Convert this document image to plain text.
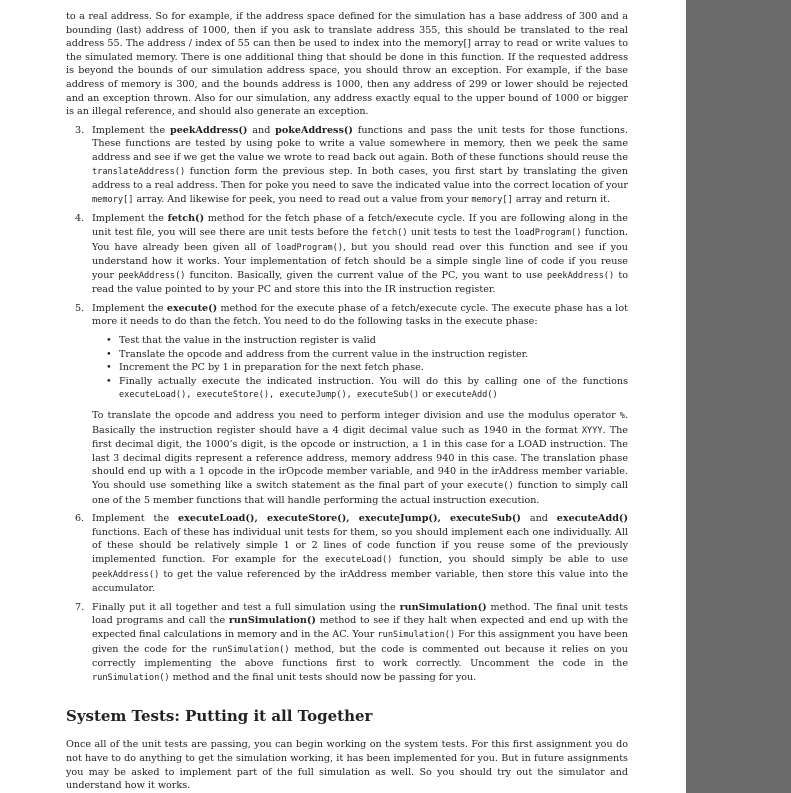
to a real address. So for example, if the address space defined for the simulation has a base address of 300 and a bounding (last) address of 1000, then if you ask to translate address 355, this should be translated to the real address 55. The address / index of 55 can then be used to index into the memory[] array to read or write values to the simulated memory. There is one additional thing that should be done in this function. If the requested address is beyond the bounds of our simulation address space, you should throw an exception. For example, if the base address of memory is 300, and the bounds address is 1000, then any address of 299 or lower should be rejected and an exception thrown. Also for our simulation, any address exactly equal to the upper bound of 1000 or bigger is an illegal reference, and should also generate an exception.

3. Implement the peekAddress() and pokeAddress() functions and pass the unit tests for those functions. These functions are tested by using poke to write a value somewhere in memory, then we peek the same address and see if we get the value we wrote to read back out again. Both of these functions should reuse the translateAddress() function form the previous step. In both cases, you first start by translating the given address to a real address. Then for poke you need to save the indicated value into the correct location of your memory[] array. And likewise for peek, you need to read out a value from your memory[] array and return it.

4. Implement the fetch() method for the fetch phase of a fetch/execute cycle. If you are following along in the unit test file, you will see there are unit tests before the fetch() unit tests to test the loadProgram() function. You have already been given all of loadProgram(), but you should read over this function and see if you understand how it works. Your implementation of fetch should be a simple single line of code if you reuse your peekAddress() funciton. Basically, given the current value of the PC, you want to use peekAddress() to read the value pointed to by your PC and store this into the IR instruction register.

5. Implement the execute() method for the execute phase of a fetch/execute cycle. The execute phase has a lot more it needs to do than the fetch. You need to do the following tasks in the execute phase:

• Test that the value in the instruction register is valid
• Translate the opcode and address from the current value in the instruction register.
• Increment the PC by 1 in preparation for the next fetch phase.
• Finally actually execute the indicated instruction. You will do this by calling one of the functions executeLoad(), executeStore(), executeJump(), executeSub() or executeAdd()

To translate the opcode and address you need to perform integer division and use the modulus operator %. Basically the instruction register should have a 4 digit decimal value such as 1940 in the format XYYY. The first decimal digit, the 1000’s digit, is the opcode or instruction, a 1 in this case for a LOAD instruction. The last 3 decimal digits represent a reference address, memory address 940 in this case. The translation phase should end up with a 1 opcode in the irOpcode member variable, and 940 in the irAddress member variable. You should use something like a switch statement as the final part of your execute() function to simply call one of the 5 member functions that will handle performing the actual instruction execution.

6. Implement the executeLoad(), executeStore(), executeJump(), executeSub() and executeAdd() functions. Each of these has individual unit tests for them, so you should implement each one individually. All of these should be relatively simple 1 or 2 lines of code function if you reuse some of the previously implemented function. For example for the executeLoad() function, you should simply be able to use peekAddress() to get the value referenced by the irAddress member variable, then store this value into the accumulator.

7. Finally put it all together and test a full simulation using the runSimulation() method. The final unit tests load programs and call the runSimulation() method to see if they halt when expected and end up with the expected final calculations in memory and in the AC. Your runSimulation() For this assignment you have been given the code for the runSimulation() method, but the code is commented out because it relies on you correctly implementing the above functions first to work correctly. Uncomment the code in the runSimulation() method and the final unit tests should now be passing for you.

System Tests: Putting it all Together

Once all of the unit tests are passing, you can begin working on the system tests. For this first assignment you do not have to do anything to get the simulation working, it has been implemented for you. But in future assignments you may be asked to implement part of the full simulation as well. So you should try out the simulator and understand how it works.
